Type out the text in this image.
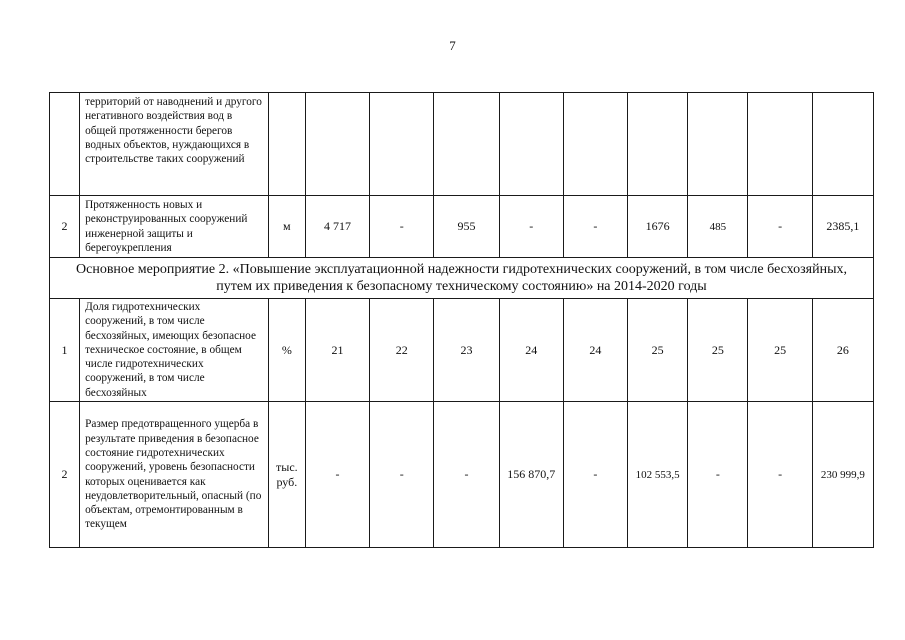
7
	территорий от наводнений и другого негативного воздействия вод в общей протяженности берегов водных объектов, нуждающихся в строительстве таких сооружений										
2	Протяженность новых и реконструированных сооружений инженерной защиты и берегоукрепления	м	4 717	-	955	-	-	1676	485	-	2385,1
Основное мероприятие 2. «Повышение эксплуатационной надежности гидротехнических сооружений, в том числе бесхозяйных, путем их приведения к безопасному техническому состоянию» на 2014-2020 годы											
1	Доля гидротехнических сооружений, в том числе бесхозяйных, имеющих безопасное техническое состояние, в общем числе гидротехнических сооружений, в том числе бесхозяйных	%	21	22	23	24	24	25	25	25	26
2	Размер предотвращенного ущерба в результате приведения в безопасное состояние гидротехнических сооружений, уровень безопасности которых оценивается как неудовлетворительный, опасный (по объектам, отремонтированным в текущем	тыс. руб.	-	-	-	156 870,7	-	102 553,5	-	-	230 999,9
